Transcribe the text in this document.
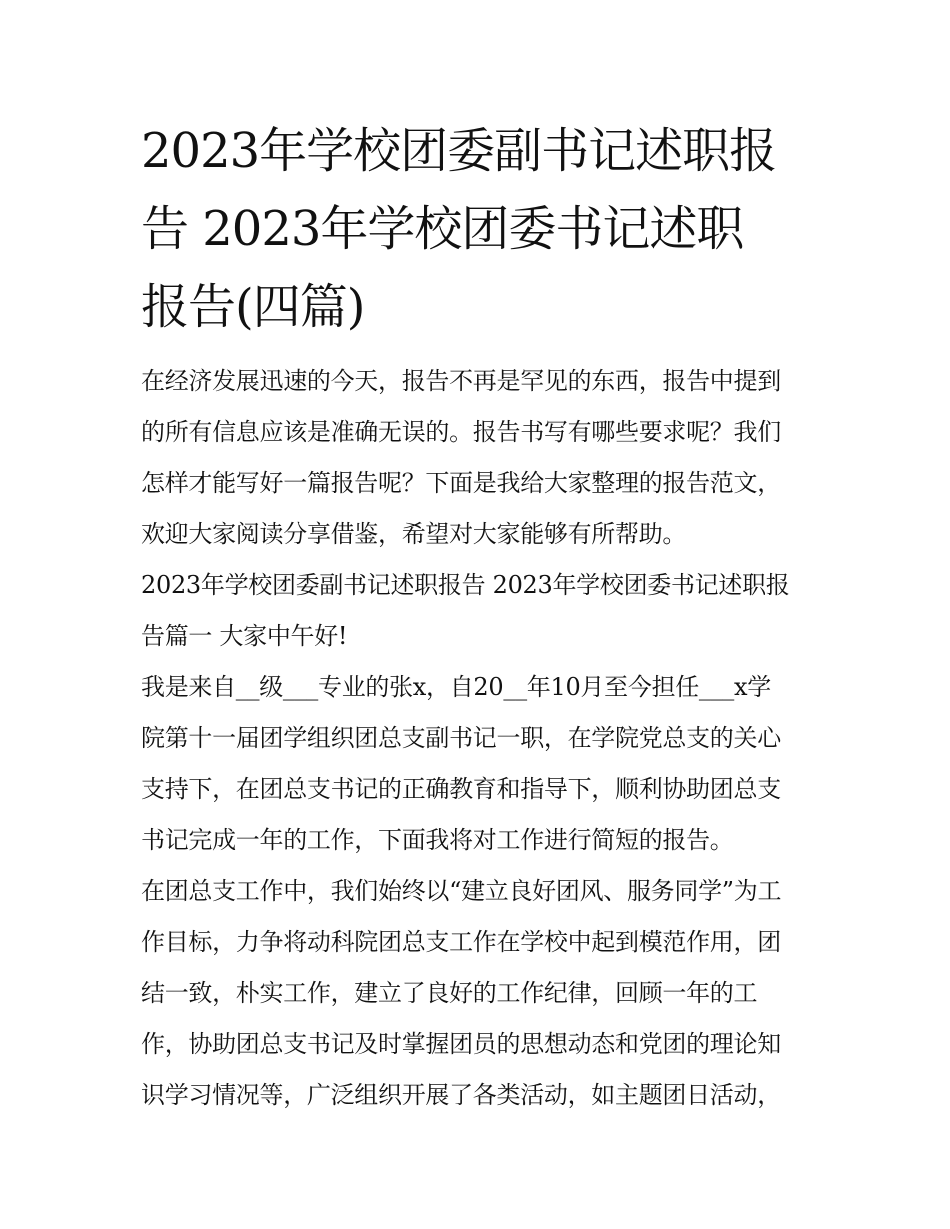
2023年学校团委副书记述职报
告 2023年学校团委书记述职
报告(四篇)

在经济发展迅速的今天，报告不再是罕见的东西，报告中提到
的所有信息应该是准确无误的。报告书写有哪些要求呢？我们
怎样才能写好一篇报告呢？下面是我给大家整理的报告范文，
欢迎大家阅读分享借鉴，希望对大家能够有所帮助。

2023年学校团委副书记述职报告 2023年学校团委书记述职报
告篇一 大家中午好!

我是来自__级___专业的张x，自20__年10月至今担任___x学
院第十一届团学组织团总支副书记一职，在学院党总支的关心
支持下，在团总支书记的正确教育和指导下，顺利协助团总支
书记完成一年的工作，下面我将对工作进行简短的报告。

在团总支工作中，我们始终以“建立良好团风、服务同学”为工
作目标，力争将动科院团总支工作在学校中起到模范作用，团
结一致，朴实工作，建立了良好的工作纪律，回顾一年的工
作，协助团总支书记及时掌握团员的思想动态和党团的理论知
识学习情况等，广泛组织开展了各类活动，如主题团日活动，
